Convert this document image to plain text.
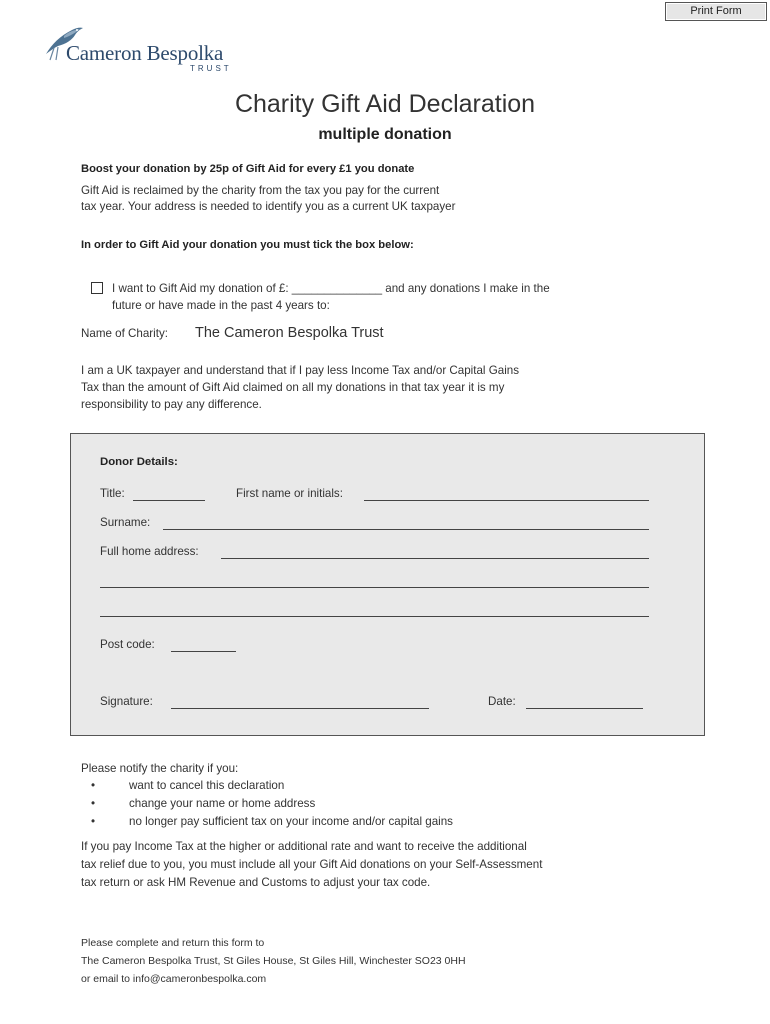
Print Form
Cameron Bespolka
TRUST
Charity Gift Aid Declaration
multiple donation
Boost your donation by 25p of Gift Aid for every £1 you donate
Gift Aid is reclaimed by the charity from the tax you pay for the current
tax year. Your address is needed to identify you as a current UK taxpayer
In order to Gift Aid your donation you must tick the box below:
I want to Gift Aid my donation of £: ______________ and any donations I make in the
future or have made in the past 4 years to:
Name of Charity: The Cameron Bespolka Trust
I am a UK taxpayer and understand that if I pay less Income Tax and/or Capital Gains
Tax than the amount of Gift Aid claimed on all my donations in that tax year it is my
responsibility to pay any difference.
Donor Details:
Title:	First name or initials:
Surname:
Full home address:
Post code:
Signature:	Date:
Please notify the charity if you:
•	want to cancel this declaration
•	change your name or home address
•	no longer pay sufficient tax on your income and/or capital gains
If you pay Income Tax at the higher or additional rate and want to receive the additional
tax relief due to you, you must include all your Gift Aid donations on your Self-Assessment
tax return or ask HM Revenue and Customs to adjust your tax code.
Please complete and return this form to
The Cameron Bespolka Trust, St Giles House, St Giles Hill, Winchester SO23 0HH
or email to info@cameronbespolka.com
